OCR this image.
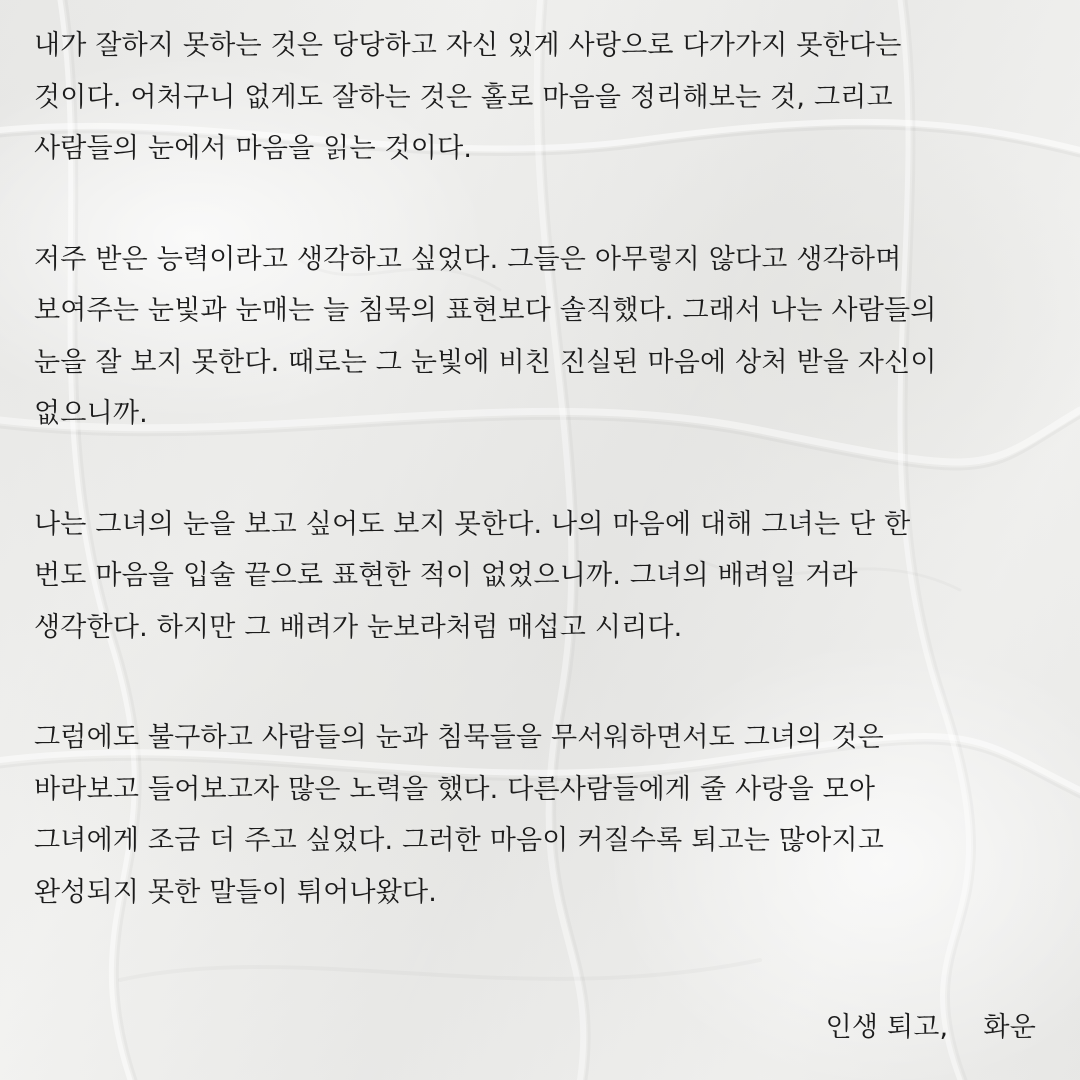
내가 잘하지 못하는 것은 당당하고 자신 있게 사랑으로 다가가지 못한다는
것이다. 어처구니 없게도 잘하는 것은 홀로 마음을 정리해보는 것, 그리고
사람들의 눈에서 마음을 읽는 것이다.
저주 받은 능력이라고 생각하고 싶었다. 그들은 아무렇지 않다고 생각하며
보여주는 눈빛과 눈매는 늘 침묵의 표현보다 솔직했다. 그래서 나는 사람들의
눈을 잘 보지 못한다. 때로는 그 눈빛에 비친 진실된 마음에 상처 받을 자신이
없으니까.
나는 그녀의 눈을 보고 싶어도 보지 못한다. 나의 마음에 대해 그녀는 단 한
번도 마음을 입술 끝으로 표현한 적이 없었으니까. 그녀의 배려일 거라
생각한다. 하지만 그 배려가 눈보라처럼 매섭고 시리다.
그럼에도 불구하고 사람들의 눈과 침묵들을 무서워하면서도 그녀의 것은
바라보고 들어보고자 많은 노력을 했다. 다른사람들에게 줄 사랑을 모아
그녀에게 조금 더 주고 싶었다. 그러한 마음이 커질수록 퇴고는 많아지고
완성되지 못한 말들이 튀어나왔다.
인생 퇴고,    화운
